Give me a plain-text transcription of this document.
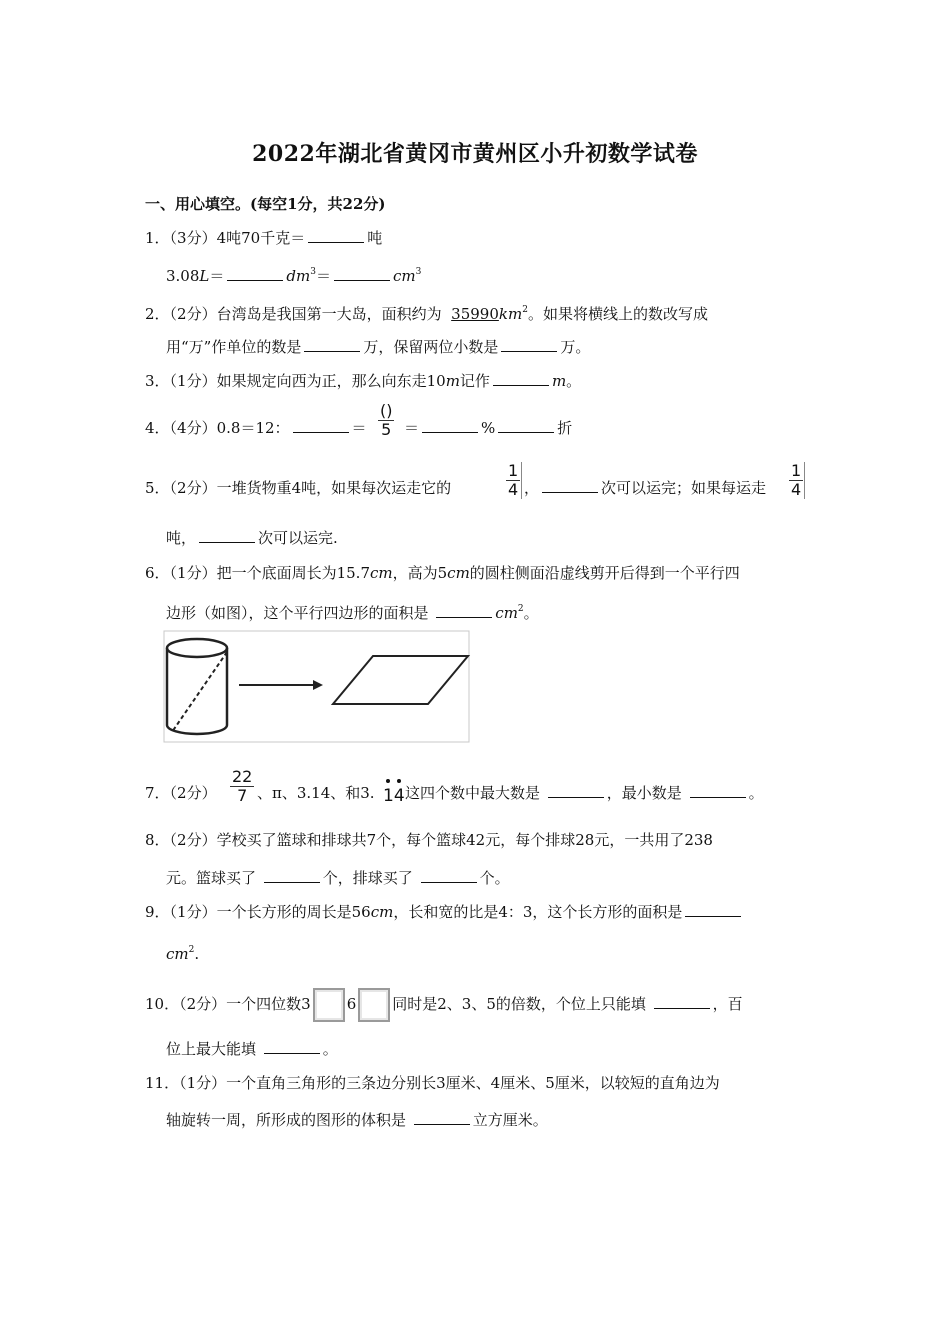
2022年湖北省黄冈市黄州区小升初数学试卷
一、用心填空。(每空1分，共22分)
1．（3分）4吨70千克＝	吨
3.08L＝	$dm^3=$	$cm^3$
2．（2分）台湾岛是我国第一大岛，面积约为 $35990km^2$。如果将横线上的数改写成
用“万”作单位的数是	万，保留两位小数是	万。
3．（1分）如果规定向西为正，那么向东走10m记作	m。
4．（4分）0.8＝12：	＝ $\frac{()}{5}$ ＝	%	折
5．（2分）一堆货物重4吨，如果每次运走它的	$\frac{1}{4}$ ，	次可以运完；如果每运走 $\frac{1}{4}$
吨，	次可以运完.
6．（1分）把一个底面周长为15.7cm，高为5cm的圆柱侧面沿虚线剪开后得到一个平行四
边形（如图），这个平行四边形的面积是	$cm^2$。
7．（2分） $\frac{22}{7}$ 、π、3.14、和3. 14 这四个数中最大数是	，最小数是	。
8．（2分）学校买了篮球和排球共7个，每个篮球42元，每个排球28元，一共用了238
元。篮球买了	个，排球买了	个。
9．（1分）一个长方形的周长是56cm，长和宽的比是4：3，这个长方形的面积是
$cm^2$.
10．（2分）一个四位数3 6 同时是2、3、5的倍数，个位上只能填	，百
位上最大能填	。
11．（1分）一个直角三角形的三条边分别长3厘米、4厘米、5厘米，以较短的直角边为
轴旋转一周，所形成的图形的体积是	立方厘米。
